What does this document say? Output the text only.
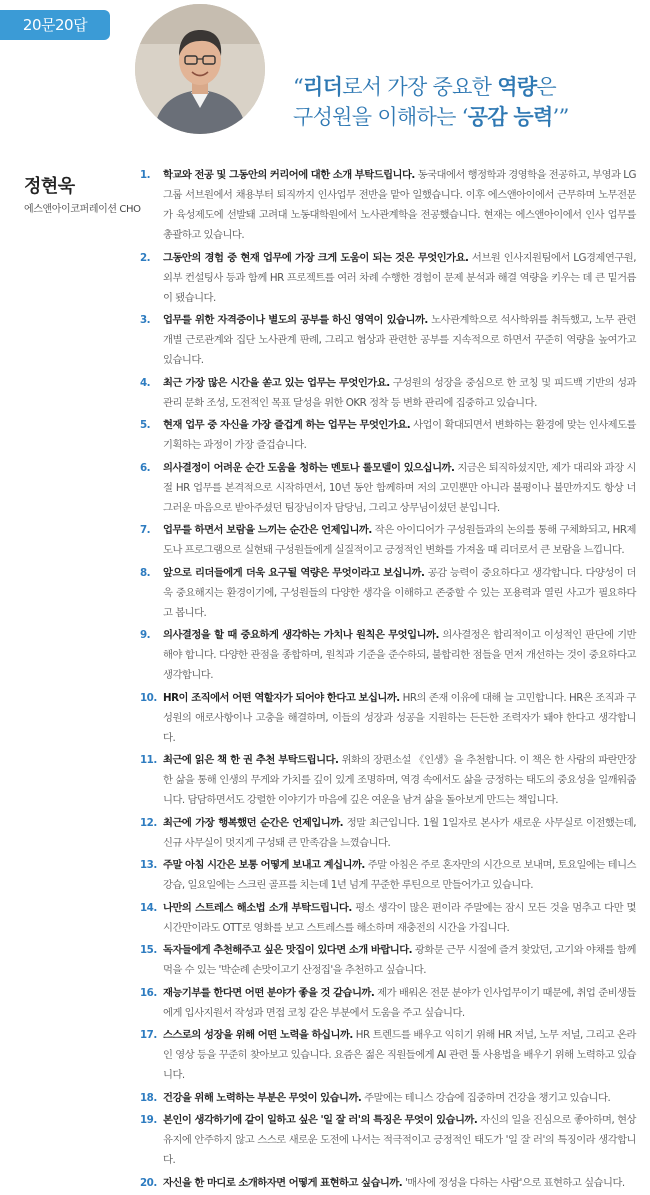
20문20답
“리더로서 가장 중요한 역량은
구성원을 이해하는 ‘공감 능력’”
정현욱
에스앤아이코퍼레이션 CHO
1. 학교와 전공 및 그동안의 커리어에 대한 소개 부탁드립니다. 동국대에서 행정학과 경영학을 전공하고, 부영과 LG그룹 서브원에서 채용부터 퇴직까지 인사업무 전반을 맡아 일했습니다. 이후 에스앤아이에서 근무하며 노무전문가 육성제도에 선발돼 고려대 노동대학원에서 노사관계학을 전공했습니다. 현재는 에스앤아이에서 인사 업무를 총괄하고 있습니다.
2. 그동안의 경험 중 현재 업무에 가장 크게 도움이 되는 것은 무엇인가요. 서브원 인사지원팀에서 LG경제연구원, 외부 컨설팅사 등과 함께 HR 프로젝트를 여러 차례 수행한 경험이 문제 분석과 해결 역량을 키우는 데 큰 밑거름이 됐습니다.
3. 업무를 위한 자격증이나 별도의 공부를 하신 영역이 있습니까. 노사관계학으로 석사학위를 취득했고, 노무 관련 개별 근로관계와 집단 노사관계 판례, 그리고 협상과 관련한 공부를 지속적으로 하면서 꾸준히 역량을 높여가고 있습니다.
4. 최근 가장 많은 시간을 쏟고 있는 업무는 무엇인가요. 구성원의 성장을 중심으로 한 코칭 및 피드백 기반의 성과관리 문화 조성, 도전적인 목표 달성을 위한 OKR 정착 등 변화 관리에 집중하고 있습니다.
5. 현재 업무 중 자신을 가장 즐겁게 하는 업무는 무엇인가요. 사업이 확대되면서 변화하는 환경에 맞는 인사제도를 기획하는 과정이 가장 즐겁습니다.
6. 의사결정이 어려운 순간 도움을 청하는 멘토나 롤모델이 있으십니까. 지금은 퇴직하셨지만, 제가 대리와 과장 시절 HR 업무를 본격적으로 시작하면서, 10년 동안 함께하며 저의 고민뿐만 아니라 불평이나 불만까지도 항상 너그러운 마음으로 받아주셨던 팀장님이자 담당님, 그리고 상무님이셨던 분입니다.
7. 업무를 하면서 보람을 느끼는 순간은 언제입니까. 작은 아이디어가 구성원들과의 논의를 통해 구체화되고, HR제도나 프로그램으로 실현돼 구성원들에게 실질적이고 긍정적인 변화를 가져올 때 리더로서 큰 보람을 느낍니다.
8. 앞으로 리더들에게 더욱 요구될 역량은 무엇이라고 보십니까. 공감 능력이 중요하다고 생각합니다. 다양성이 더욱 중요해지는 환경이기에, 구성원들의 다양한 생각을 이해하고 존중할 수 있는 포용력과 열린 사고가 필요하다고 봅니다.
9. 의사결정을 할 때 중요하게 생각하는 가치나 원칙은 무엇입니까. 의사결정은 합리적이고 이성적인 판단에 기반해야 합니다. 다양한 관점을 종합하며, 원칙과 기준을 준수하되, 불합리한 점들을 먼저 개선하는 것이 중요하다고 생각합니다.
10. HR이 조직에서 어떤 역할자가 되어야 한다고 보십니까. HR의 존재 이유에 대해 늘 고민합니다. HR은 조직과 구성원의 애로사항이나 고충을 해결하며, 이들의 성장과 성공을 지원하는 든든한 조력자가 돼야 한다고 생각합니다.
11. 최근에 읽은 책 한 권 추천 부탁드립니다. 위화의 장편소설 《인생》을 추천합니다. 이 책은 한 사람의 파란만장한 삶을 통해 인생의 무게와 가치를 깊이 있게 조명하며, 역경 속에서도 삶을 긍정하는 태도의 중요성을 일깨워줍니다. 담담하면서도 강렬한 이야기가 마음에 깊은 여운을 남겨 삶을 돌아보게 만드는 책입니다.
12. 최근에 가장 행복했던 순간은 언제입니까. 정말 최근입니다. 1월 1일자로 본사가 새로운 사무실로 이전했는데, 신규 사무실이 멋지게 구성돼 큰 만족감을 느꼈습니다.
13. 주말 아침 시간은 보통 어떻게 보내고 계십니까. 주말 아침은 주로 혼자만의 시간으로 보내며, 토요일에는 테니스 강습, 일요일에는 스크린 골프를 치는데 1년 넘게 꾸준한 루틴으로 만들어가고 있습니다.
14. 나만의 스트레스 해소법 소개 부탁드립니다. 평소 생각이 많은 편이라 주말에는 잠시 모든 것을 멈추고 다만 몇 시간만이라도 OTT로 영화를 보고 스트레스를 해소하며 재충전의 시간을 가집니다.
15. 독자들에게 추천해주고 싶은 맛집이 있다면 소개 바랍니다. 광화문 근무 시절에 즐겨 찾았던, 고기와 야채를 함께 먹을 수 있는 '박순례 손맛이고기 산정집'을 추천하고 싶습니다.
16. 재능기부를 한다면 어떤 분야가 좋을 것 같습니까. 제가 배워온 전문 분야가 인사업무이기 때문에, 취업 준비생들에게 입사지원서 작성과 면접 코칭 같은 부분에서 도움을 주고 싶습니다.
17. 스스로의 성장을 위해 어떤 노력을 하십니까. HR 트렌드를 배우고 익히기 위해 HR 저널, 노무 저널, 그리고 온라인 영상 등을 꾸준히 찾아보고 있습니다. 요즘은 젊은 직원들에게 AI 관련 툴 사용법을 배우기 위해 노력하고 있습니다.
18. 건강을 위해 노력하는 부분은 무엇이 있습니까. 주말에는 테니스 강습에 집중하며 건강을 챙기고 있습니다.
19. 본인이 생각하기에 같이 일하고 싶은 '일 잘 러'의 특징은 무엇이 있습니까. 자신의 일을 진심으로 좋아하며, 현상 유지에 안주하지 않고 스스로 새로운 도전에 나서는 적극적이고 긍정적인 태도가 '일 잘 러'의 특징이라 생각합니다.
20. 자신을 한 마디로 소개하자면 어떻게 표현하고 싶습니까. '매사에 정성을 다하는 사람'으로 표현하고 싶습니다.
